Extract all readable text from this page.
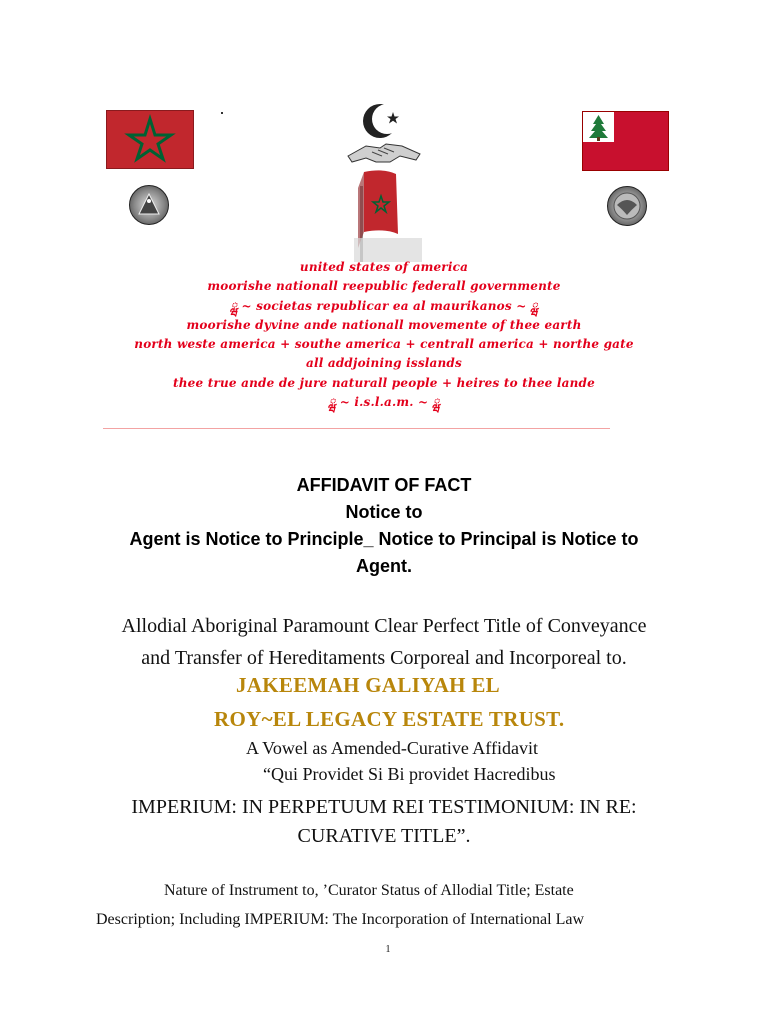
united states of america
moorishe nationall reepublic federall governmente
ྺ ~ societas republicar ea al maurikanos ~ ྺ
moorishe dyvine ande nationall movemente of thee earth
north weste america + southe america + centrall america + northe gate
all addjoining isslands
thee true ande de jure naturall people + heires to thee lande
ྺ ~ i.s.l.a.m. ~ ྺ
AFFIDAVIT OF FACT
Notice to
Agent is Notice to Principle_ Notice to Principal is Notice to
Agent.
Allodial Aboriginal Paramount Clear Perfect Title of Conveyance
and Transfer of Hereditaments Corporeal and Incorporeal to.
JAKEEMAH GALIYAH EL
ROY~EL LEGACY ESTATE TRUST.
A Vowel as Amended-Curative Affidavit
“Qui Providet Si Bi providet Hacredibus
IMPERIUM: IN PERPETUUM REI TESTIMONIUM: IN RE:
CURATIVE TITLE”.
Nature of Instrument to, ’Curator Status of Allodial Title; Estate
Description; Including IMPERIUM: The Incorporation of International Law
1
